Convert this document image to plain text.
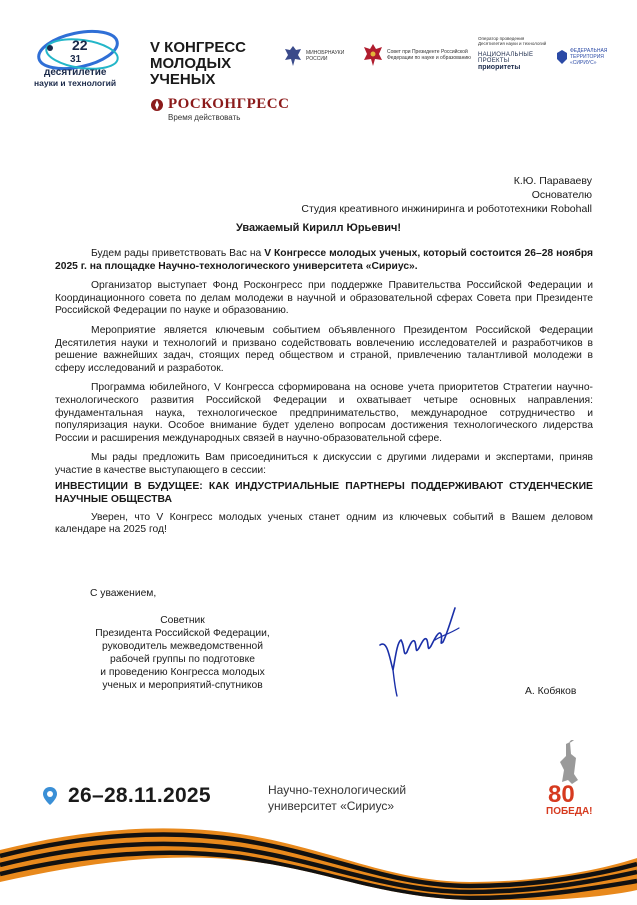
22
31
десятилетие
науки и технологий
V КОНГРЕСС МОЛОДЫХ УЧЕНЫХ
РОСКОНГРЕСС
Время действовать
МИНОБРНАУКИ РОССИИ
Совет при Президенте Российской Федерации по науке и образованию
Оператор проведения Десятилетия науки и технологий
НАЦИОНАЛЬНЫЕ ПРОЕКТЫ
приоритеты
ФЕДЕРАЛЬНАЯ ТЕРРИТОРИЯ «СИРИУС»
К.Ю. Параваеву
Основателю
Студия креативного инжиниринга и робототехники Robohall
Уважаемый Кирилл Юрьевич!

Будем рады приветствовать Вас на V Конгрессе молодых ученых, который состоится 26–28 ноября 2025 г. на площадке Научно-технологического университета «Сириус».

Организатор выступает Фонд Росконгресс при поддержке Правительства Российской Федерации и Координационного совета по делам молодежи в научной и образовательной сферах Совета при Президенте Российской Федерации по науке и образованию.

Мероприятие является ключевым событием объявленного Президентом Российской Федерации Десятилетия науки и технологий и призвано содействовать вовлечению исследователей и разработчиков в решение важнейших задач, стоящих перед обществом и страной, привлечению талантливой молодежи в сферу исследований и разработок.

Программа юбилейного, V Конгресса сформирована на основе учета приоритетов Стратегии научно-технологического развития Российской Федерации и охватывает четыре основных направления: фундаментальная наука, технологическое предпринимательство, международное сотрудничество и популяризация науки. Особое внимание будет уделено вопросам достижения технологического лидерства России и расширения международных связей в научно-образовательной сфере.

Мы рады предложить Вам присоединиться к дискуссии с другими лидерами и экспертами, приняв участие в качестве выступающего в сессии:

ИНВЕСТИЦИИ В БУДУЩЕЕ: КАК ИНДУСТРИАЛЬНЫЕ ПАРТНЕРЫ ПОДДЕРЖИВАЮТ СТУДЕНЧЕСКИЕ НАУЧНЫЕ ОБЩЕСТВА

Уверен, что V Конгресс молодых ученых станет одним из ключевых событий в Вашем деловом календаре на 2025 год!

С уважением,
Советник
Президента Российской Федерации,
руководитель межведомственной
рабочей группы по подготовке
и проведению Конгресса молодых
ученых и мероприятий-спутников
А. Кобяков
26–28.11.2025	Научно-технологический
университет «Сириус»	80
ПОБЕДА!
